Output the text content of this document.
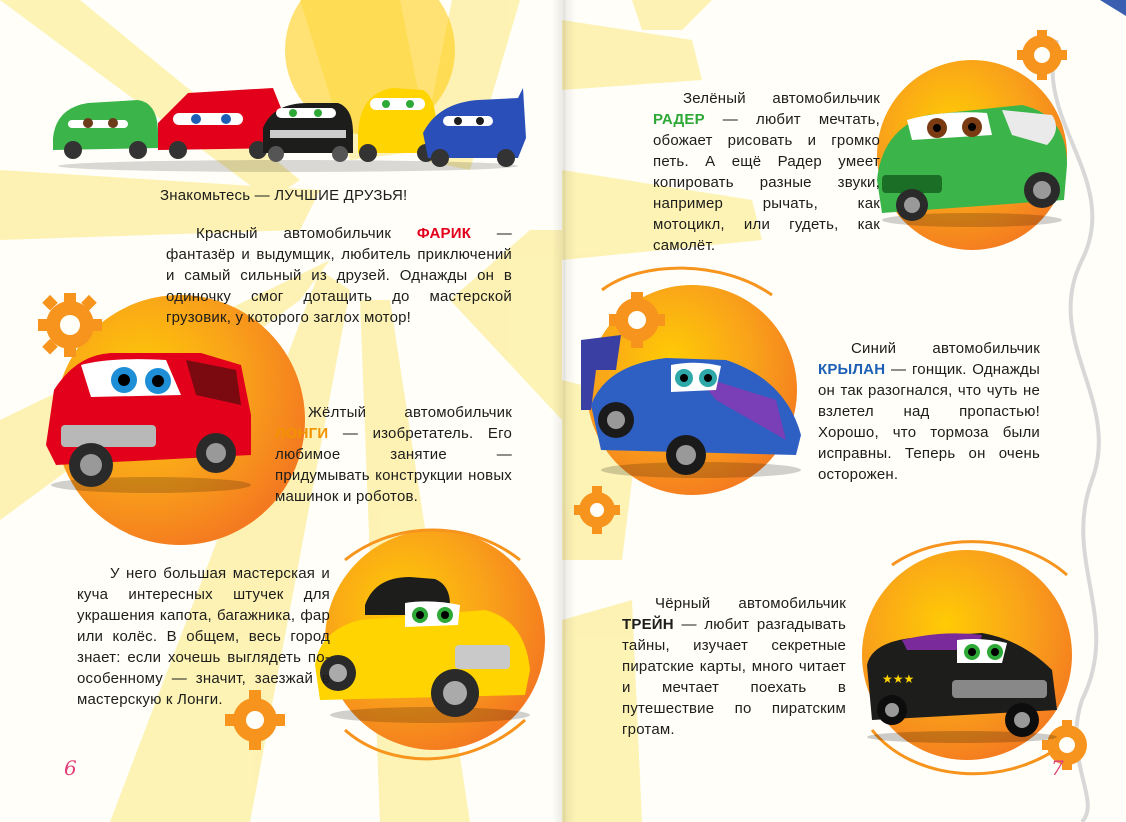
Знакомьтесь — ЛУЧШИЕ ДРУЗЬЯ!

Красный автомобильчик ФАРИК — фантазёр и выдумщик, любитель приключений и самый сильный из друзей. Однажды он в одиночку смог дотащить до мастерской грузовик, у которого заглох мотор!

Жёлтый автомобильчик ЛОНГИ — изобретатель. Его любимое занятие — придумывать конструкции новых машинок и роботов.

У него большая мастерская и куча интересных штучек для украшения капота, багажника, фар или колёс. В общем, весь город знает: если хочешь выглядеть по-особенному — значит, заезжай в мастерскую к Лонги.

6
★★★

Зелёный автомобильчик РАДЕР — любит мечтать, обожает рисовать и громко петь. А ещё Радер умеет копировать разные звуки, например рычать, как мотоцикл, или гудеть, как самолёт.

Синий автомобильчик КРЫЛАН — гонщик. Однажды он так разогнался, что чуть не взлетел над пропастью! Хорошо, что тормоза были исправны. Теперь он очень осторожен.

Чёрный автомобильчик ТРЕЙН — любит разгадывать тайны, изучает секретные пиратские карты, много читает и мечтает поехать в путешествие по пиратским гротам.

7
